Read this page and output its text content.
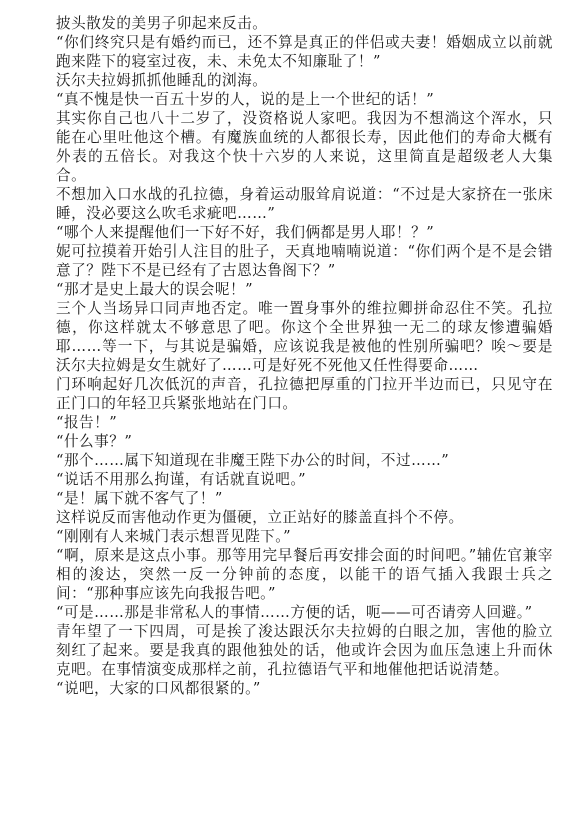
披头散发的美男子卯起来反击。

“你们终究只是有婚约而已，还不算是真正的伴侣或夫妻！婚姻成立以前就跑来陛下的寝室过夜，未、未免太不知廉耻了！”

沃尔夫拉姆抓抓他睡乱的浏海。

“真不愧是快一百五十岁的人，说的是上一个世纪的话！”

其实你自己也八十二岁了，没资格说人家吧。我因为不想淌这个浑水，只能在心里吐他这个槽。有魔族血统的人都很长寿，因此他们的寿命大概有外表的五倍长。对我这个快十六岁的人来说，这里简直是超级老人大集合。

不想加入口水战的孔拉德，身着运动服耸肩说道：“不过是大家挤在一张床睡，没必要这么吹毛求疵吧……”

“哪个人来提醒他们一下好不好，我们俩都是男人耶！？”

妮可拉摸着开始引人注目的肚子，天真地喃喃说道：“你们两个是不是会错意了？陛下不是已经有了古恩达鲁阁下？”

“那才是史上最大的误会呢！”

三个人当场异口同声地否定。唯一置身事外的维拉卿拼命忍住不笑。孔拉德，你这样就太不够意思了吧。你这个全世界独一无二的球友惨遭骗婚耶……等一下，与其说是骗婚，应该说我是被他的性别所骗吧？唉～要是沃尔夫拉姆是女生就好了……可是好死不死他又任性得要命……

门环响起好几次低沉的声音，孔拉德把厚重的门拉开半边而已，只见守在正门口的年轻卫兵紧张地站在门口。

“报告！”

“什么事？”

“那个……属下知道现在非魔王陛下办公的时间，不过……”

“说话不用那么拘谨，有话就直说吧。”

“是！属下就不客气了！”

这样说反而害他动作更为僵硬，立正站好的膝盖直抖个不停。

“刚刚有人来城门表示想晋见陛下。”

“啊，原来是这点小事。那等用完早餐后再安排会面的时间吧。”辅佐官兼宰相的浚达，突然一反一分钟前的态度，以能干的语气插入我跟士兵之间：“那种事应该先向我报告吧。”

“可是……那是非常私人的事情……方便的话，呃——可否请旁人回避。”

青年望了一下四周，可是挨了浚达跟沃尔夫拉姆的白眼之加，害他的脸立刻红了起来。要是我真的跟他独处的话，他或许会因为血压急速上升而休克吧。在事情演变成那样之前，孔拉德语气平和地催他把话说清楚。

“说吧，大家的口风都很紧的。”
